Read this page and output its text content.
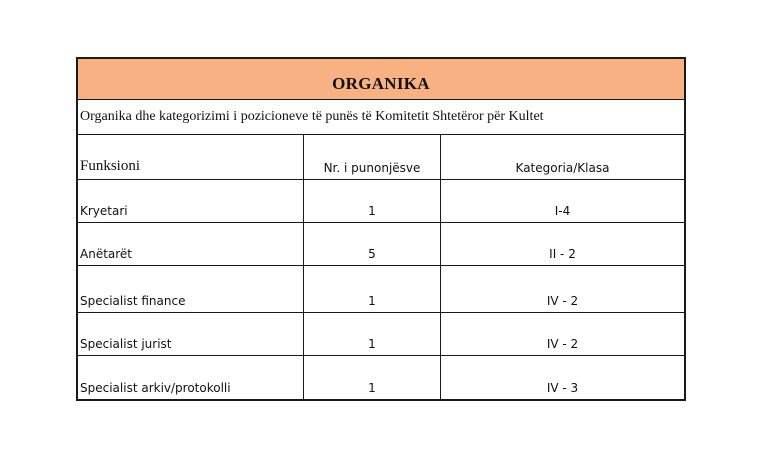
ORGANIKA
Organika dhe kategorizimi i pozicioneve të punës të Komitetit Shtetëror për Kultet
Funksioni	Nr. i punonjësve	Kategoria/Klasa
Kryetari	1	I-4
Anëtarët	5	II - 2
Specialist finance	1	IV - 2
Specialist jurist	1	IV - 2
Specialist arkiv/protokolli	1	IV - 3
